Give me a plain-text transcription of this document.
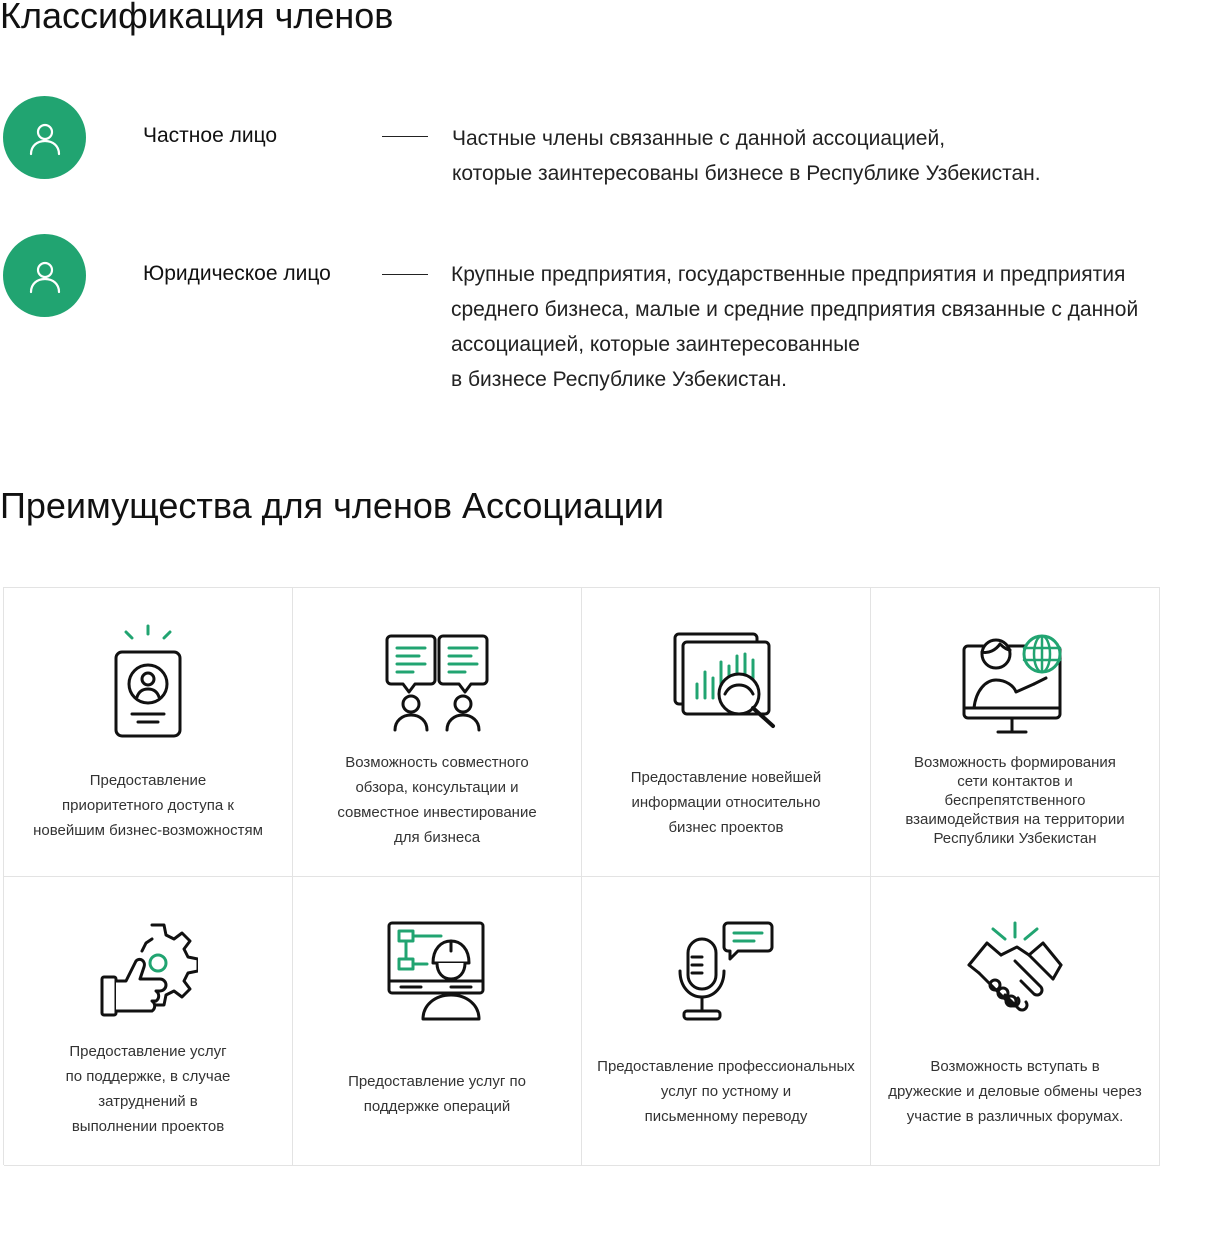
Классификация членов
Частное лицо	Частные члены связанные с данной ассоциацией,
которые заинтересованы бизнесе в Республике Узбекистан.
Юридическое лицо	Крупные предприятия, государственные предприятия и предприятия
среднего бизнеса, малые и средние предприятия связанные с данной
ассоциацией, которые заинтересованные
в бизнесе Республике Узбекистан.
Преимущества для членов Ассоциации
Предоставление
приоритетного доступа к
новейшим бизнес-возможностям
Возможность совместного
обзора, консультации и
совместное инвестирование
для бизнеса
Предоставление новейшей
информации относительно
бизнес проектов
Возможность формирования
сети контактов и
беспрепятственного
взаимодействия на территории
Республики Узбекистан
Предоставление услуг
по поддержке, в случае
затруднений в
выполнении проектов
Предоставление услуг по
поддержке операций
Предоставление профессиональных
услуг по устному и
письменному переводу
Возможность вступать в
дружеские и деловые обмены через
участие в различных форумах.
